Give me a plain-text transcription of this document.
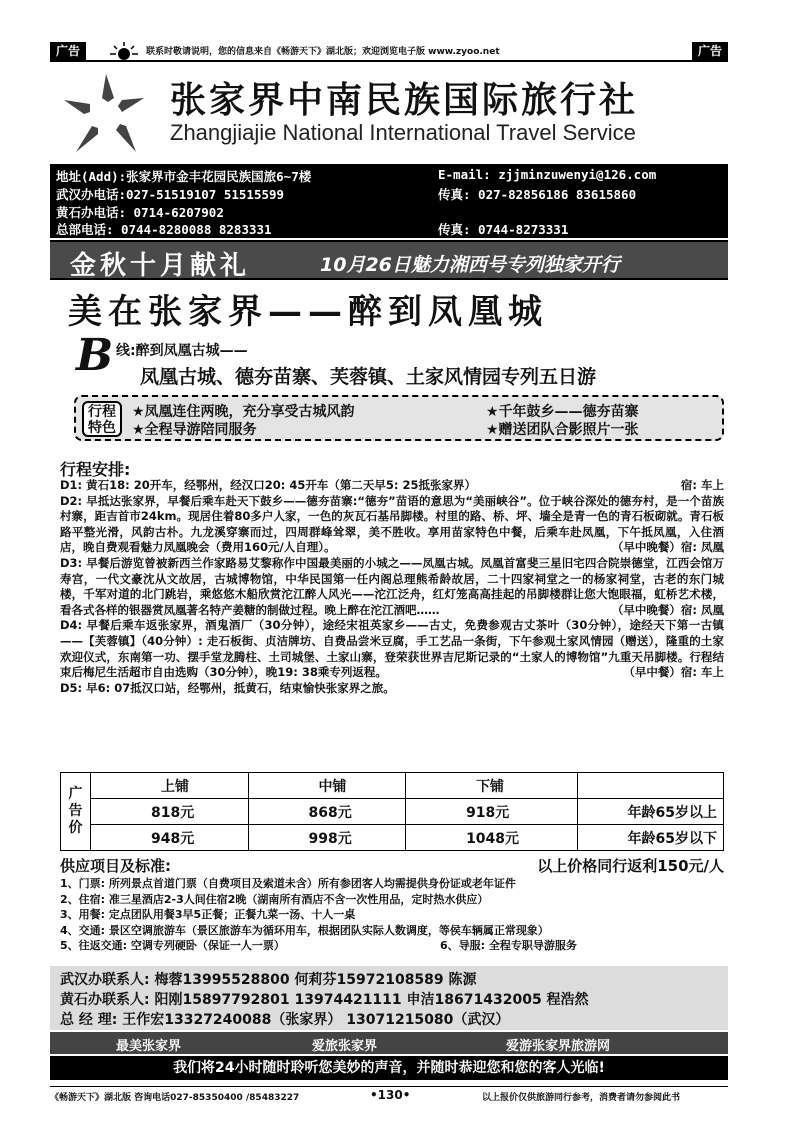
广告	联系时敬请说明，您的信息来自《畅游天下》湖北版；欢迎浏览电子版 www.zyoo.net	广告
张家界中南民族国际旅行社
Zhangjiajie National International Travel Service
地址(Add):张家界市金丰花园民族国旅6~7楼	E-mail: zjjminzuwenyi@126.com
武汉办电话:027-51519107 51515599	传真: 027-82856186 83615860
黄石办电话: 0714-6207902
总部电话: 0744-8280088 8283331	传真: 0744-8273331
金秋十月献礼	10月26日魅力湘西号专列独家开行
美在张家界——醉到凤凰城
B 线:醉到凤凰古城——
凤凰古城、德夯苗寨、芙蓉镇、土家风情园专列五日游
行程特色
★凤凰连住两晚，充分享受古城风韵	★千年鼓乡——德夯苗寨
★全程导游陪同服务	★赠送团队合影照片一张
行程安排:
D1: 黄石18: 20开车，经鄂州，经汉口20: 45开车（第二天早5: 25抵张家界）	宿: 车上
D2: 早抵达张家界，早餐后乘车赴天下鼓乡——德夯苗寨:“德夯”苗语的意思为“美丽峡谷”。位于峡谷深处的德夯村，是一个苗族村寨，距吉首市24km。现居住着80多户人家，一色的灰瓦石基吊脚楼。村里的路、桥、坪、墙全是青一色的青石板砌就。青石板路平整光滑，风韵古朴。九龙溪穿寨而过，四周群峰耸翠，美不胜收。享用苗家特色中餐，后乘车赴凤凰，下午抵凤凰，入住酒店，晚自费观看魅力凤凰晚会（费用160元/人自理）。	（早中晚餐）宿: 凤凰
D3: 早餐后游览曾被新西兰作家路易艾黎称作中国最美丽的小城之——凤凰古城。凤凰首富斐三星旧宅四合院崇德堂，江西会馆万寿宫，一代文豪沈从文故居，古城博物馆，中华民国第一任内阁总理熊希龄故居，二十四家祠堂之一的杨家祠堂，古老的东门城楼，千军对道的北门跳岩，乘悠悠木船欣赏沱江醉人风光——沱江泛舟，红灯笼高高挂起的吊脚楼群让您大饱眼福，虹桥艺术楼，看各式各样的银器赏凤凰著名特产姜糖的制做过程。晚上醉在沱江酒吧……	（早中晚餐）宿: 凤凰
D4: 早餐后乘车返张家界，酒鬼酒厂（30分钟），途经宋祖英家乡——古丈，免费参观古丈茶叶（30分钟），途经天下第一古镇——【芙蓉镇】（40分钟）: 走石板街、贞洁牌坊、自费品尝米豆腐，手工艺品一条街，下午参观土家风情园（赠送），隆重的土家欢迎仪式，东南第一功、摆手堂龙腾柱、土司城堡、土家山寨，登荣获世界吉尼斯记录的“土家人的博物馆”九重天吊脚楼。行程结束后梅尼生活超市自由选购（30分钟），晚19: 38乘专列返程。	（早中餐）宿: 车上
D5: 早6: 07抵汉口站，经鄂州，抵黄石，结束愉快张家界之旅。
广告价	上铺	中铺	下铺	
	818元	868元	918元	年龄65岁以上
	948元	998元	1048元	年龄65岁以下
供应项目及标准:	以上价格同行返利150元/人
1、门票: 所列景点首道门票（自费项目及索道未含）所有参团客人均需提供身份证或老年证件
2、住宿: 准三星酒店2-3人间住宿2晚（湖南所有酒店不含一次性用品，定时热水供应）
3、用餐: 定点团队用餐3早5正餐；正餐九菜一汤、十人一桌
4、交通: 景区空调旅游车（景区旅游车为循环用车，根据团队实际人数调度，等侯车辆属正常现象）
5、往返交通: 空调专列硬卧（保证一人一票）	6、导服: 全程专职导游服务
武汉办联系人: 梅蓉13995528800 何莉芬15972108589 陈源
黄石办联系人: 阳刚15897792801 13974421111 申洁18671432005 程浩然
总 经 理: 王作宏13327240088（张家界） 13071215080（武汉）
最美张家界	爱旅张家界	爱游张家界旅游网
我们将24小时随时聆听您美妙的声音，并随时恭迎您和您的客人光临!
《畅游天下》湖北版 咨询电话027-85350400 /85483227	•130•	以上报价仅供旅游同行参考，消费者请勿参阅此书
